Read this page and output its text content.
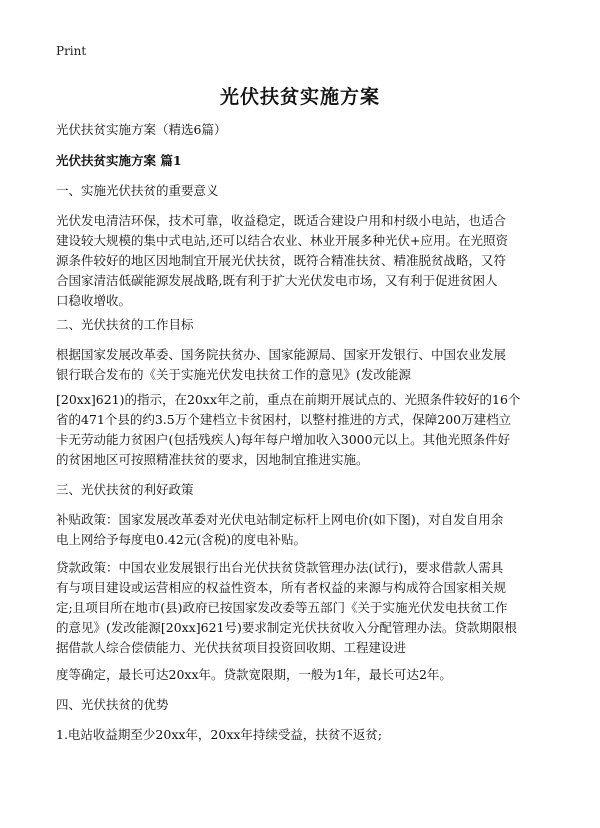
Print
光伏扶贫实施方案
光伏扶贫实施方案（精选6篇）
光伏扶贫实施方案 篇1
一、实施光伏扶贫的重要意义
光伏发电清洁环保，技术可靠，收益稳定，既适合建设户用和村级小电站，也适合
建设较大规模的集中式电站,还可以结合农业、林业开展多种光伏+应用。在光照资
源条件较好的地区因地制宜开展光伏扶贫，既符合精准扶贫、精准脱贫战略，又符
合国家清洁低碳能源发展战略,既有利于扩大光伏发电市场，又有利于促进贫困人
口稳收增收。
二、光伏扶贫的工作目标
根据国家发展改革委、国务院扶贫办、国家能源局、国家开发银行、中国农业发展
银行联合发布的《关于实施光伏发电扶贫工作的意见》(发改能源
[20xx]621)的指示，在20xx年之前，重点在前期开展试点的、光照条件较好的16个
省的471个县的约3.5万个建档立卡贫困村，以整村推进的方式，保障200万建档立
卡无劳动能力贫困户(包括残疾人)每年每户增加收入3000元以上。其他光照条件好
的贫困地区可按照精准扶贫的要求，因地制宜推进实施。
三、光伏扶贫的利好政策
补贴政策：国家发展改革委对光伏电站制定标杆上网电价(如下图)，对自发自用余
电上网给予每度电0.42元(含税)的度电补贴。
贷款政策：中国农业发展银行出台光伏扶贫贷款管理办法(试行)，要求借款人需具
有与项目建设或运营相应的权益性资本，所有者权益的来源与构成符合国家相关规
定;且项目所在地市(县)政府已按国家发改委等五部门《关于实施光伏发电扶贫工作
的意见》(发改能源[20xx]621号)要求制定光伏扶贫收入分配管理办法。贷款期限根
据借款人综合偿债能力、光伏扶贫项目投资回收期、工程建设进
度等确定，最长可达20xx年。贷款宽限期，一般为1年，最长可达2年。
四、光伏扶贫的优势
1.电站收益期至少20xx年，20xx年持续受益，扶贫不返贫;
